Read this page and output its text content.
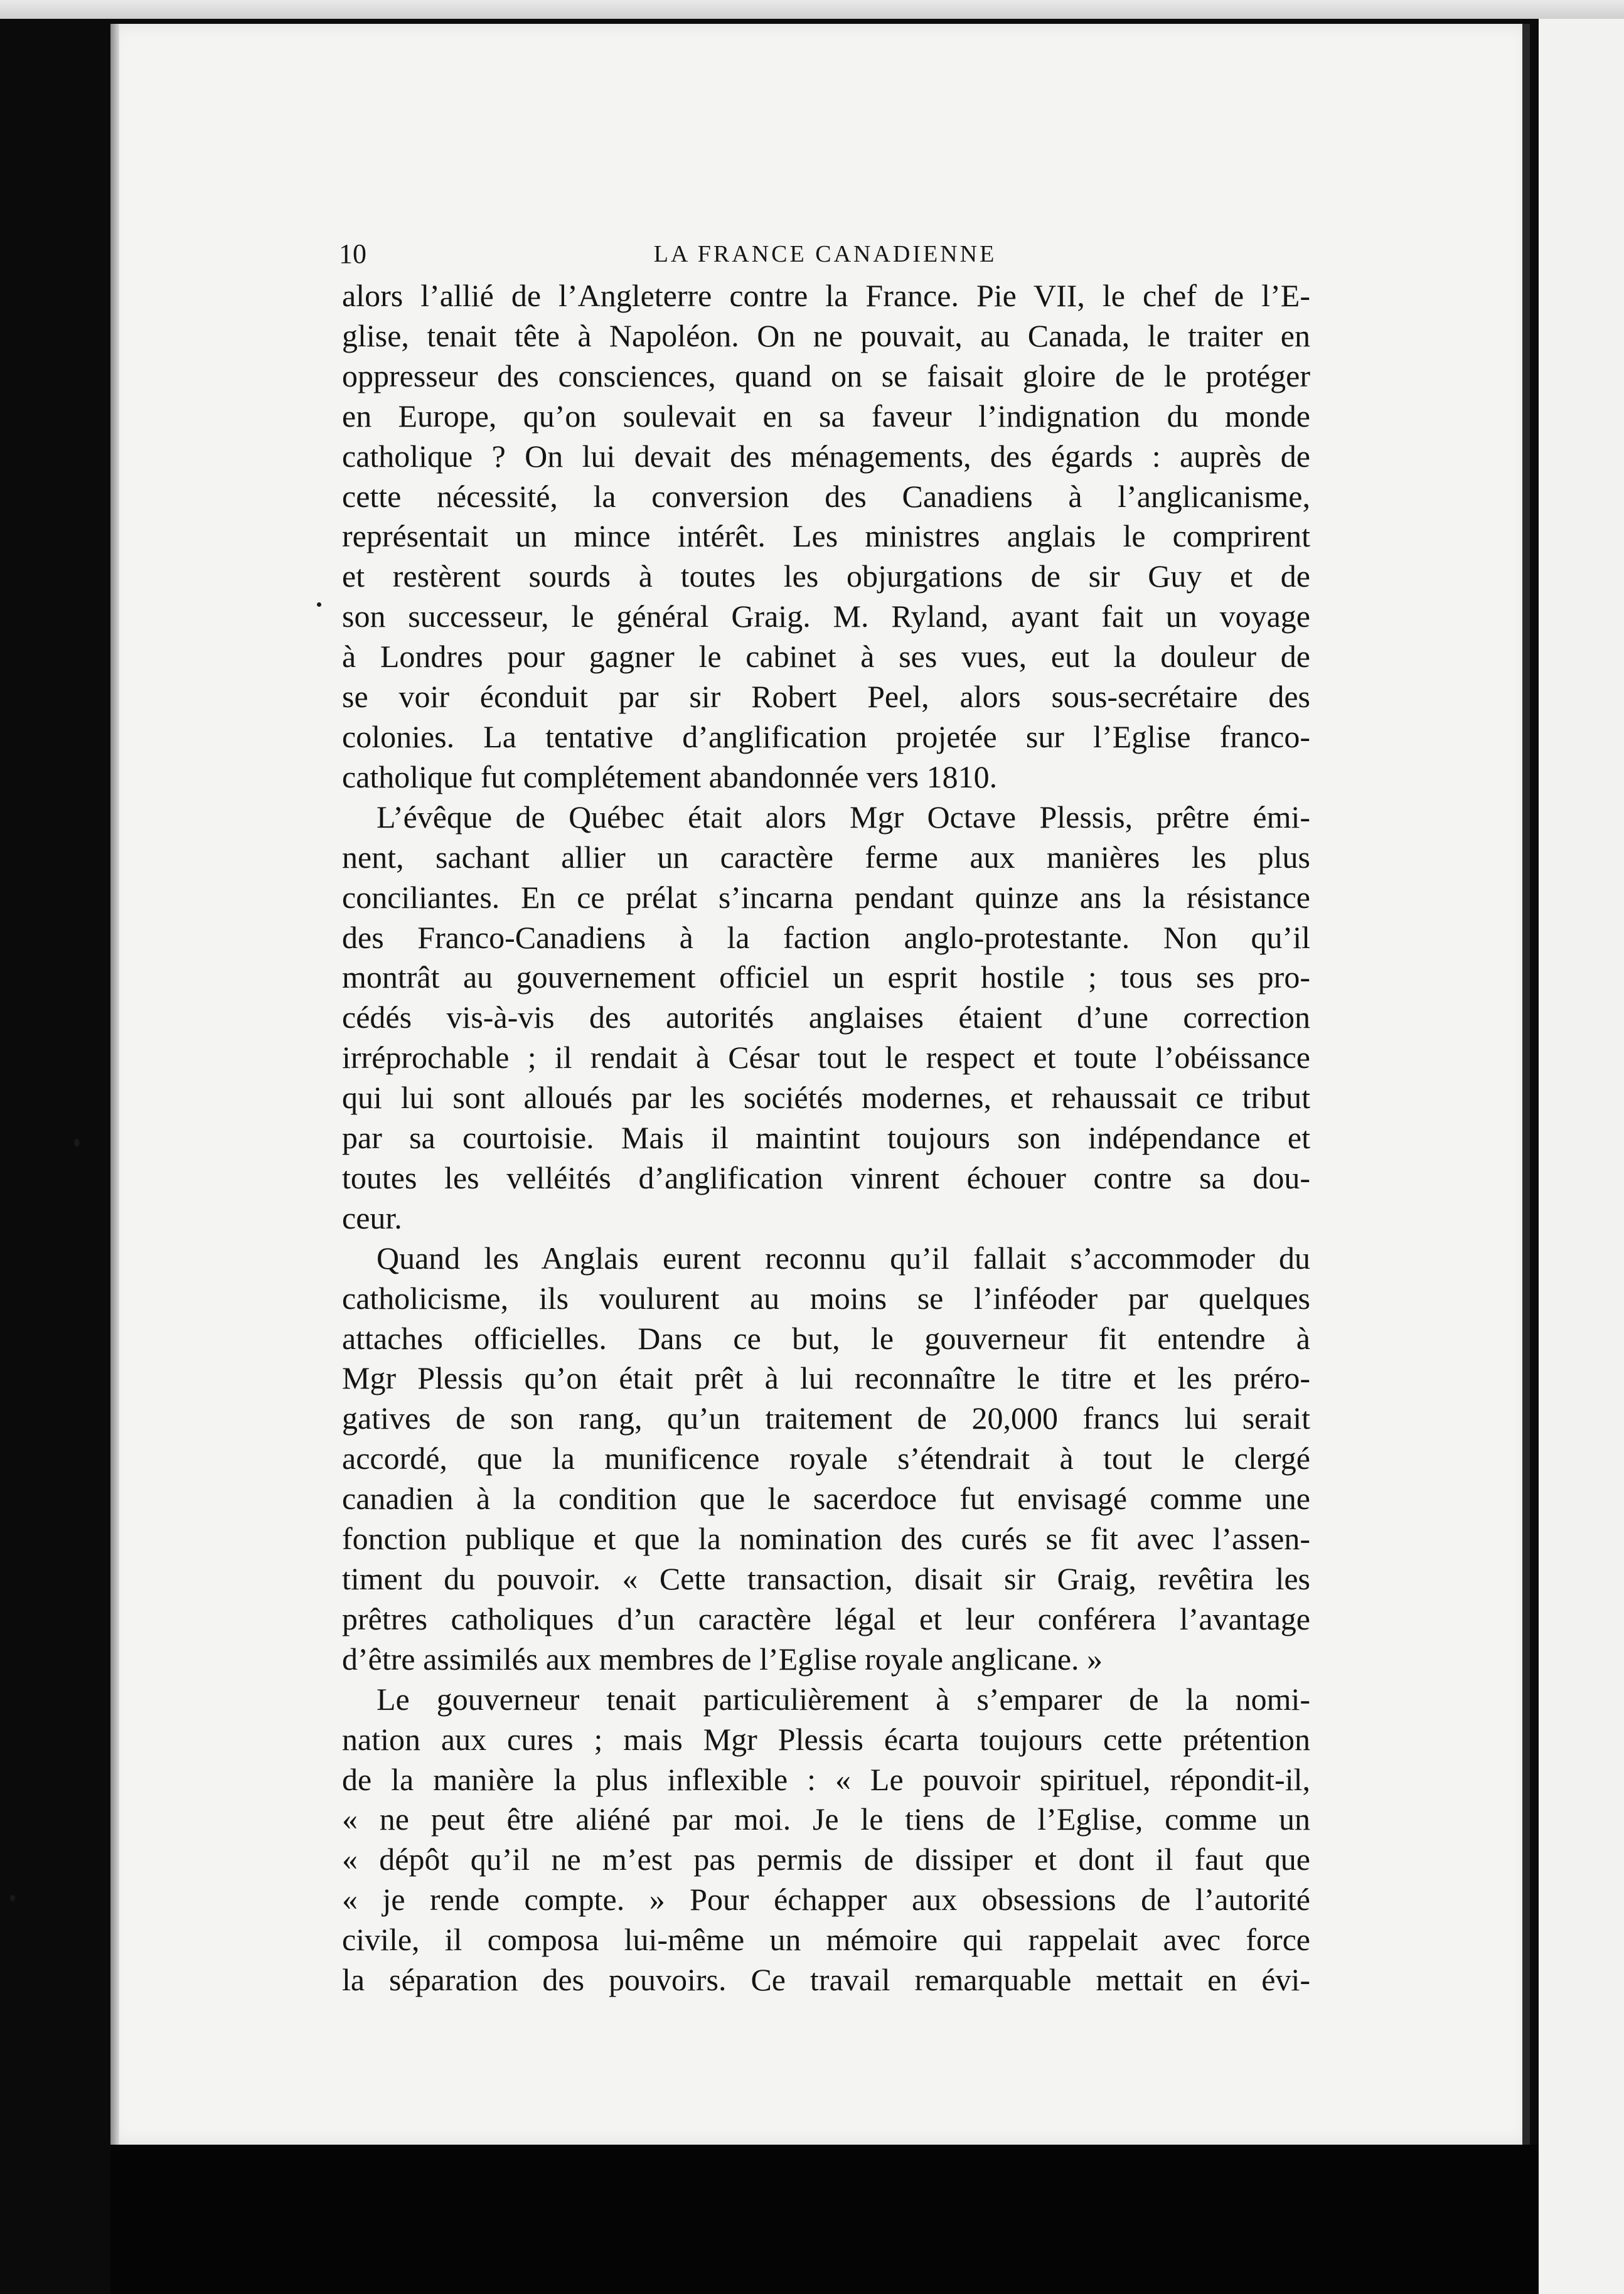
10	LA FRANCE CANADIENNE
alors l’allié de l’Angleterre contre la France. Pie VII, le chef de l’E-
glise, tenait tête à Napoléon. On ne pouvait, au Canada, le traiter en
oppresseur des consciences, quand on se faisait gloire de le protéger
en Europe, qu’on soulevait en sa faveur l’indignation du monde
catholique ? On lui devait des ménagements, des égards : auprès de
cette nécessité, la conversion des Canadiens à l’anglicanisme,
représentait un mince intérêt. Les ministres anglais le comprirent
et restèrent sourds à toutes les objurgations de sir Guy et de
son successeur, le général Graig. M. Ryland, ayant fait un voyage
à Londres pour gagner le cabinet à ses vues, eut la douleur de
se voir éconduit par sir Robert Peel, alors sous-secrétaire des
colonies. La tentative d’anglification projetée sur l’Eglise franco-
catholique fut complétement abandonnée vers 1810.
L’évêque de Québec était alors Mgr Octave Plessis, prêtre émi-
nent, sachant allier un caractère ferme aux manières les plus
conciliantes. En ce prélat s’incarna pendant quinze ans la résistance
des Franco-Canadiens à la faction anglo-protestante. Non qu’il
montrât au gouvernement officiel un esprit hostile ; tous ses pro-
cédés vis-à-vis des autorités anglaises étaient d’une correction
irréprochable ; il rendait à César tout le respect et toute l’obéissance
qui lui sont alloués par les sociétés modernes, et rehaussait ce tribut
par sa courtoisie. Mais il maintint toujours son indépendance et
toutes les velléités d’anglification vinrent échouer contre sa dou-
ceur.
Quand les Anglais eurent reconnu qu’il fallait s’accommoder du
catholicisme, ils voulurent au moins se l’inféoder par quelques
attaches officielles. Dans ce but, le gouverneur fit entendre à
Mgr Plessis qu’on était prêt à lui reconnaître le titre et les préro-
gatives de son rang, qu’un traitement de 20,000 francs lui serait
accordé, que la munificence royale s’étendrait à tout le clergé
canadien à la condition que le sacerdoce fut envisagé comme une
fonction publique et que la nomination des curés se fit avec l’assen-
timent du pouvoir. « Cette transaction, disait sir Graig, revêtira les
prêtres catholiques d’un caractère légal et leur conférera l’avantage
d’être assimilés aux membres de l’Eglise royale anglicane. »
Le gouverneur tenait particulièrement à s’emparer de la nomi-
nation aux cures ; mais Mgr Plessis écarta toujours cette prétention
de la manière la plus inflexible : « Le pouvoir spirituel, répondit-il,
« ne peut être aliéné par moi. Je le tiens de l’Eglise, comme un
« dépôt qu’il ne m’est pas permis de dissiper et dont il faut que
« je rende compte. » Pour échapper aux obsessions de l’autorité
civile, il composa lui-même un mémoire qui rappelait avec force
la séparation des pouvoirs. Ce travail remarquable mettait en évi-
